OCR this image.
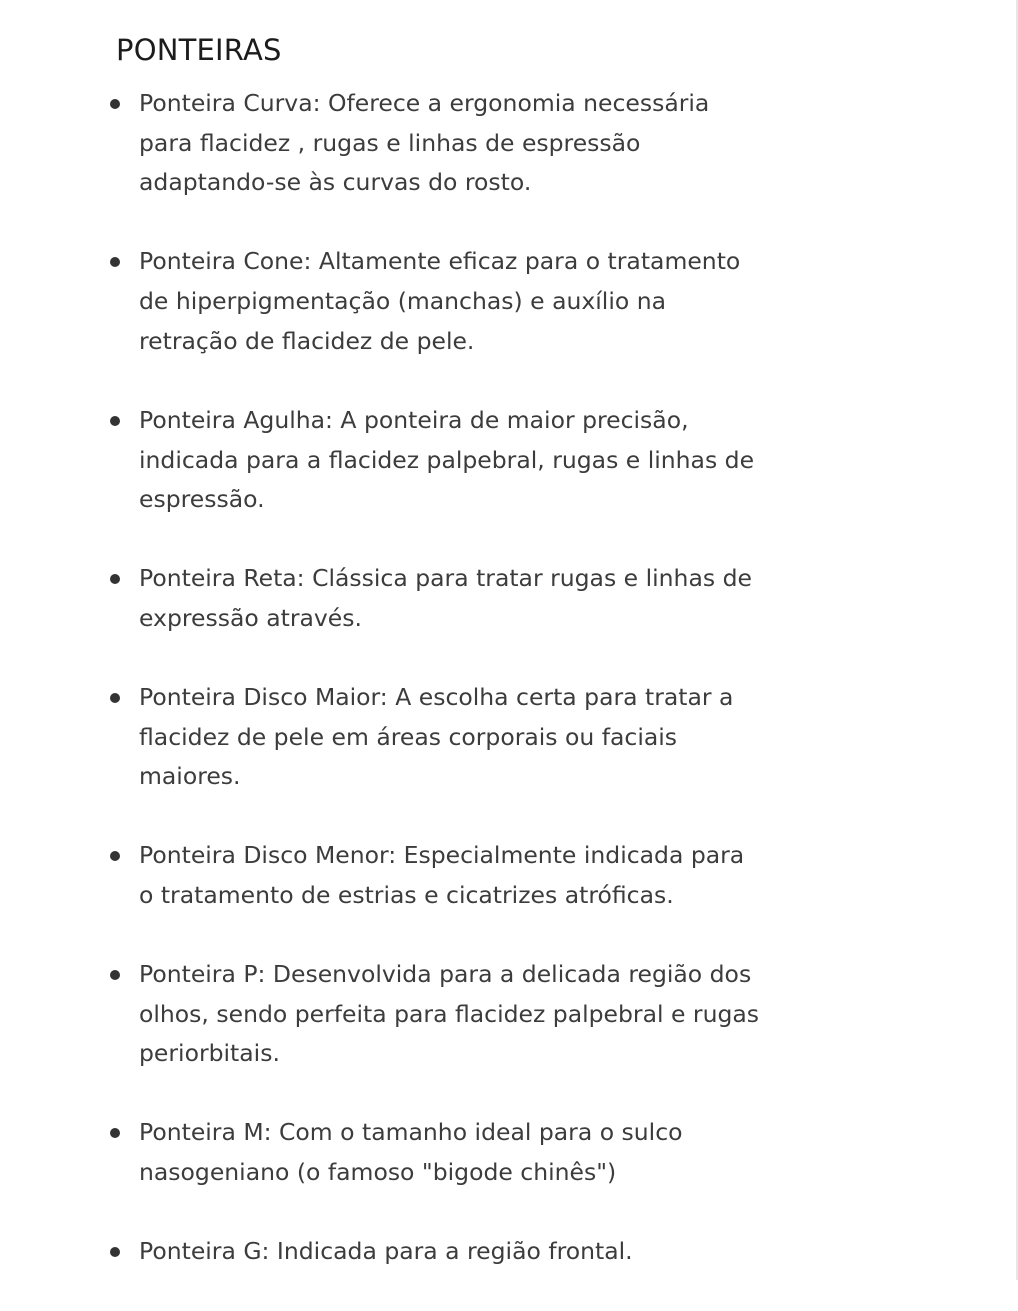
PONTEIRAS
Ponteira Curva: Oferece a ergonomia necessária para flacidez , rugas e linhas de espressão adaptando-se às curvas do rosto.
Ponteira Cone: Altamente eficaz para o tratamento de hiperpigmentação (manchas) e auxílio na retração de flacidez de pele.
Ponteira Agulha: A ponteira de maior precisão, indicada para a flacidez palpebral, rugas e linhas de espressão.
Ponteira Reta: Clássica para tratar rugas e linhas de expressão através.
Ponteira Disco Maior: A escolha certa para tratar a flacidez de pele em áreas corporais ou faciais maiores.
Ponteira Disco Menor: Especialmente indicada para o tratamento de estrias e cicatrizes atróficas.
Ponteira P: Desenvolvida para a delicada região dos olhos, sendo perfeita para flacidez palpebral e rugas periorbitais.
Ponteira M: Com o tamanho ideal para o sulco nasogeniano (o famoso "bigode chinês")
Ponteira G: Indicada para a região frontal.
